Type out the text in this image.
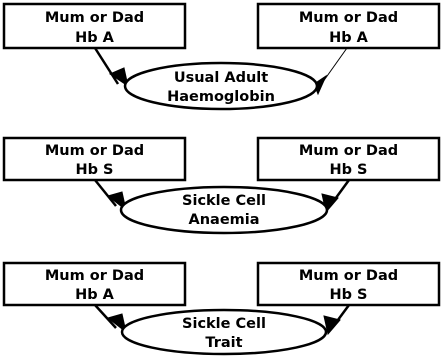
Mum or Dad
Hb A
Mum or Dad
Hb A
Usual Adult
Haemoglobin
Mum or Dad
Hb S
Mum or Dad
Hb S
Sickle Cell
Anaemia
Mum or Dad
Hb A
Mum or Dad
Hb S
Sickle Cell
Trait
